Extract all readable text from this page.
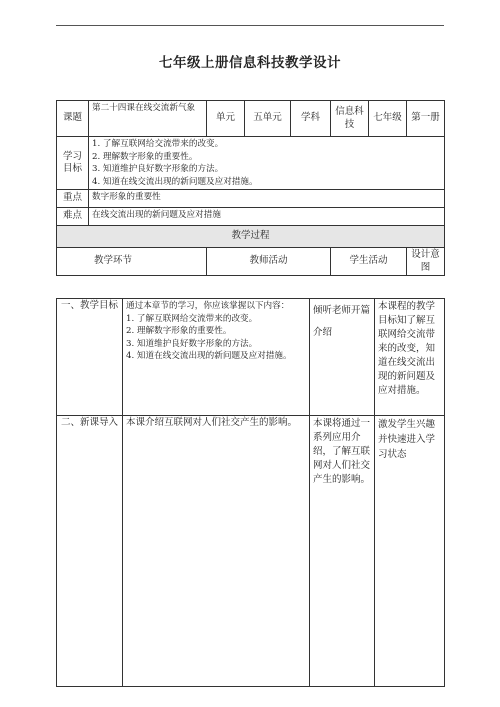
七年级上册信息科技教学设计
课题	第二十四课在线交流新气象	单元	五单元	学科	信息科技	七年级	第一册
学习目标	1. 了解互联网给交流带来的改变。
2. 理解数字形象的重要性。
3. 知道维护良好数字形象的方法。
4. 知道在线交流出现的新问题及应对措施。						

重点	数字形象的重要性						
难点	在线交流出现的新问题及应对措施						
教学过程							
教学环节		教师活动			学生活动		设计意图
一、教学目标	通过本章节的学习，你应该掌握以下内容：
1. 了解互联网给交流带来的改变。
2. 理解数字形象的重要性。
3. 知道维护良好数字形象的方法。
4. 知道在线交流出现的新问题及应对措施。	倾听老师开篇介绍	本课程的教学目标知了解互联网给交流带来的改变，知道在线交流出现的新问题及应对措施。
二、新课导入	本课介绍互联网对人们社交产生的影响。	本课将通过一系列应用介绍，了解互联网对人们社交产生的影响。	激发学生兴趣并快速进入学习状态
